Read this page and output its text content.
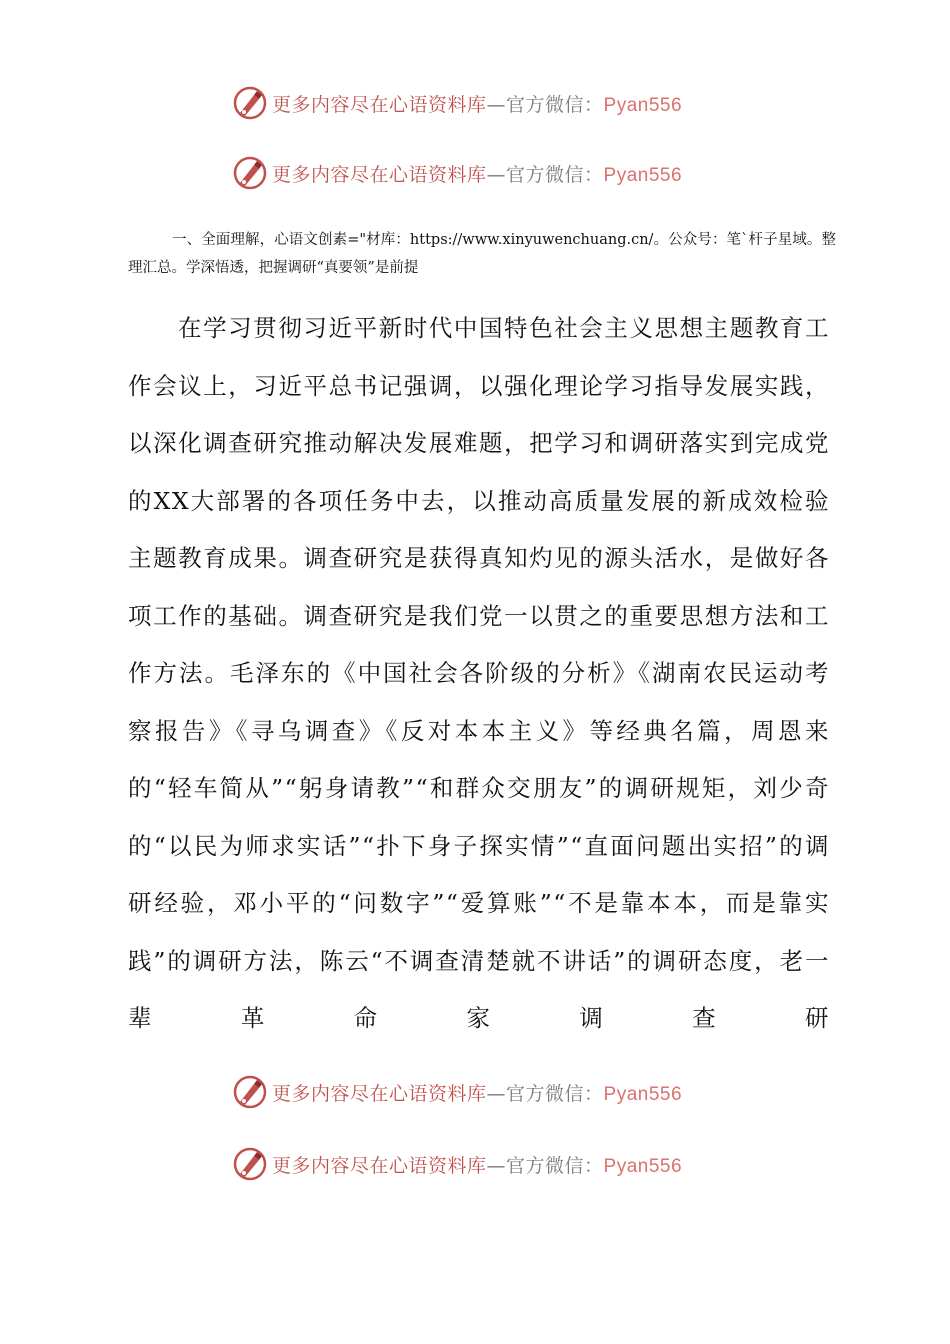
更多内容尽在心语资料库—官方微信：Pyan556
更多内容尽在心语资料库—官方微信：Pyan556
一、全面理解，心语文创素="材库：https://www.xinyuwenchuang.cn/。公众号：笔`杆子星域。整理汇总。学深悟透，把握调研“真要领”是前提

在学习贯彻习近平新时代中国特色社会主义思想主题教育工作会议上，习近平总书记强调，以强化理论学习指导发展实践，以深化调查研究推动解决发展难题，把学习和调研落实到完成党的XX大部署的各项任务中去，以推动高质量发展的新成效检验主题教育成果。调查研究是获得真知灼见的源头活水，是做好各项工作的基础。调查研究是我们党一以贯之的重要思想方法和工作方法。毛泽东的《中国社会各阶级的分析》《湖南农民运动考察报告》《寻乌调查》《反对本本主义》等经典名篇，周恩来的“轻车简从”“躬身请教”“和群众交朋友”的调研规矩，刘少奇的“以民为师求实话”“扑下身子探实情”“直面问题出实招”的调研经验，邓小平的“问数字”“爱算账”“不是靠本本，而是靠实践”的调研方法，陈云“不调查清楚就不讲话”的调研态度，老一辈革命家调查研

更多内容尽在心语资料库—官方微信：Pyan556
更多内容尽在心语资料库—官方微信：Pyan556
